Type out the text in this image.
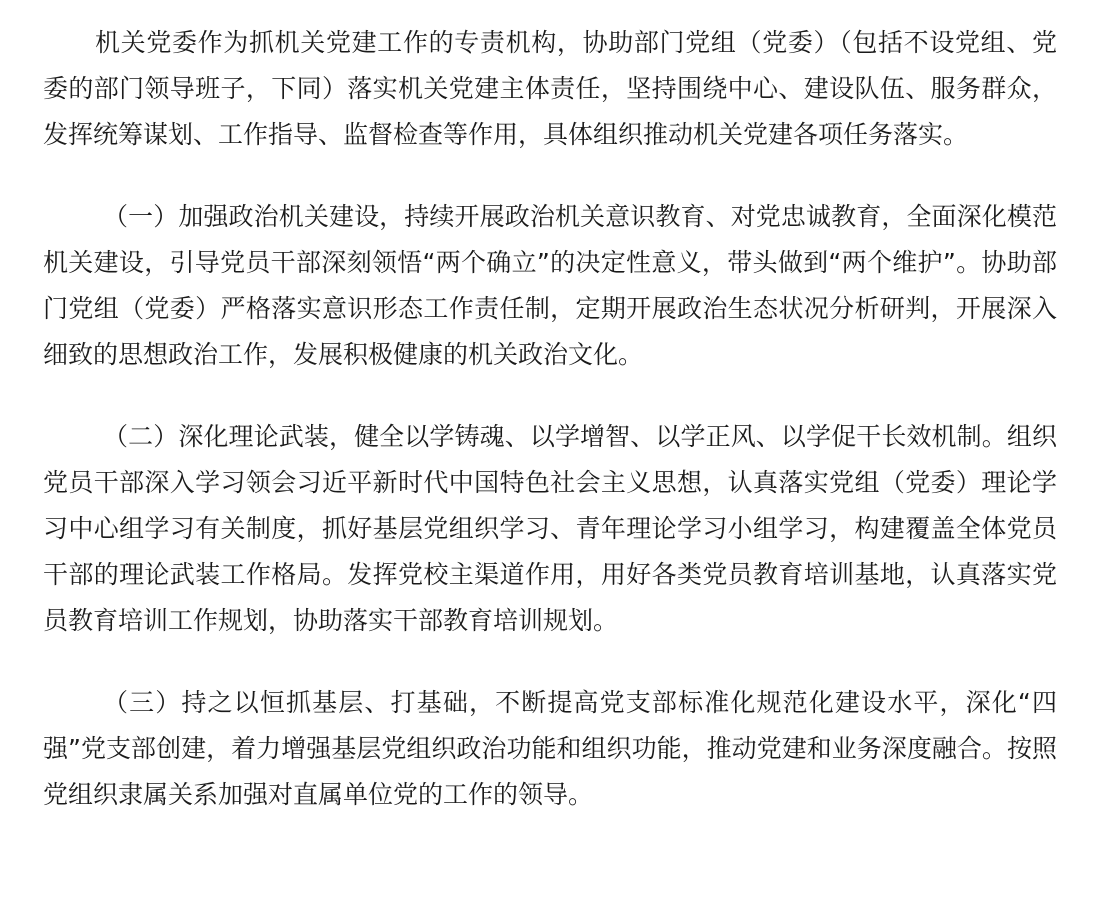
机关党委作为抓机关党建工作的专责机构，协助部门党组（党委）（包括不设党组、党委的部门领导班子，下同）落实机关党建主体责任，坚持围绕中心、建设队伍、服务群众，发挥统筹谋划、工作指导、监督检查等作用，具体组织推动机关党建各项任务落实。

（一）加强政治机关建设，持续开展政治机关意识教育、对党忠诚教育，全面深化模范机关建设，引导党员干部深刻领悟“两个确立”的决定性意义，带头做到“两个维护”。协助部门党组（党委）严格落实意识形态工作责任制，定期开展政治生态状况分析研判，开展深入细致的思想政治工作，发展积极健康的机关政治文化。

（二）深化理论武装，健全以学铸魂、以学增智、以学正风、以学促干长效机制。组织党员干部深入学习领会习近平新时代中国特色社会主义思想，认真落实党组（党委）理论学习中心组学习有关制度，抓好基层党组织学习、青年理论学习小组学习，构建覆盖全体党员干部的理论武装工作格局。发挥党校主渠道作用，用好各类党员教育培训基地，认真落实党员教育培训工作规划，协助落实干部教育培训规划。

（三）持之以恒抓基层、打基础，不断提高党支部标准化规范化建设水平，深化“四强”党支部创建，着力增强基层党组织政治功能和组织功能，推动党建和业务深度融合。按照党组织隶属关系加强对直属单位党的工作的领导。
